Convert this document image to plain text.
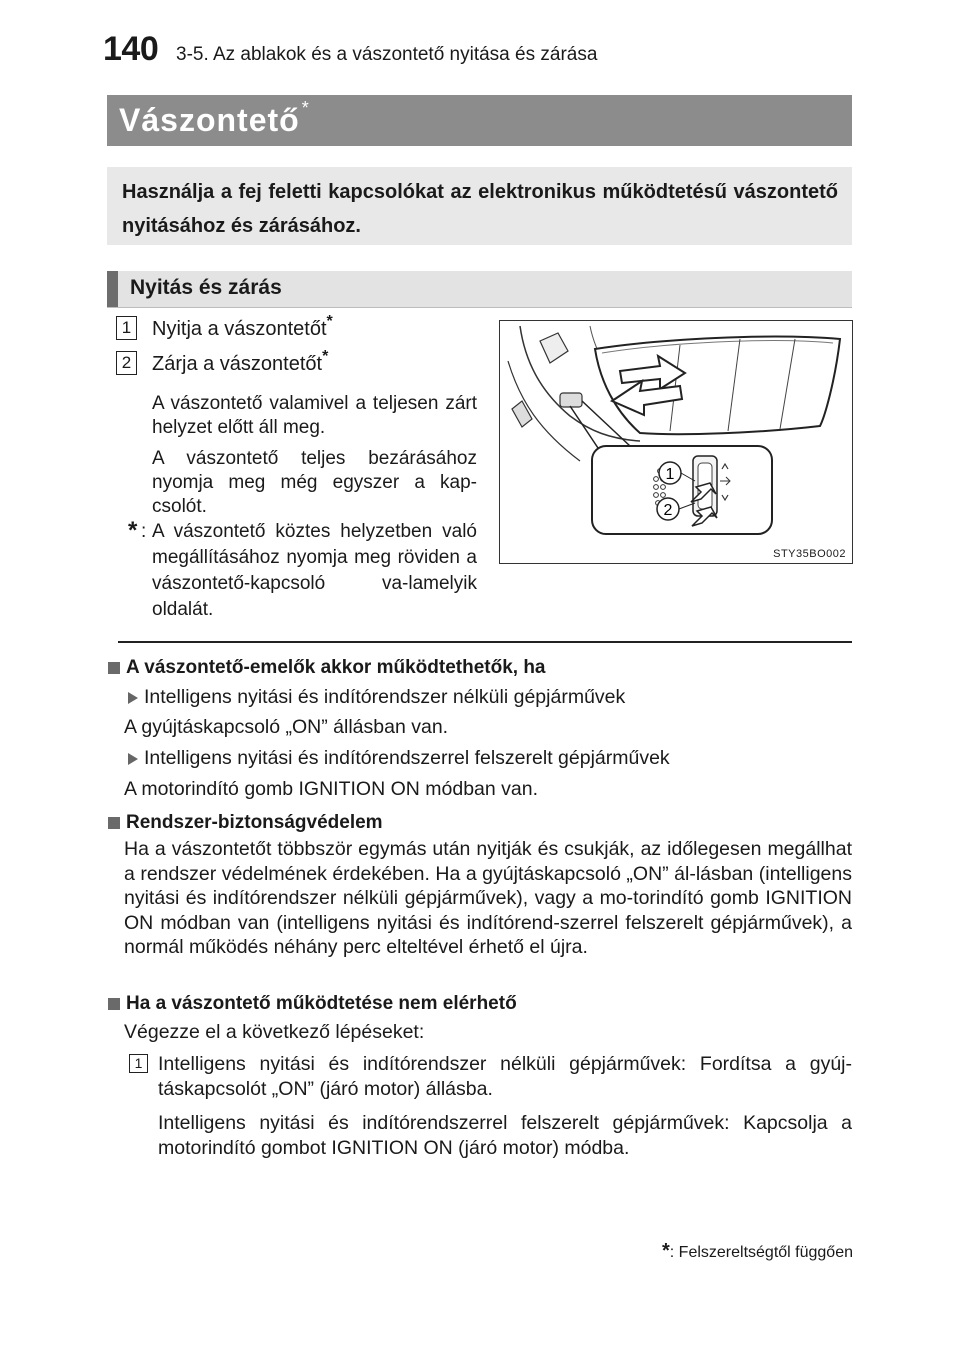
140 3-5. Az ablakok és a vászontető nyitása és zárása
Vászontető *
Használja a fej feletti kapcsolókat az elektronikus működtetésű vászontető nyitásához és zárásához.
Nyitás és zárás
1 Nyitja a vászontetőt*
2 Zárja a vászontetőt*
A vászontető valamivel a teljesen zárt helyzet előtt áll meg.
A vászontető teljes bezárásához nyomja meg még egyszer a kap-csolót.
* : A vászontető köztes helyzetben való megállításához nyomja meg röviden a vászontető-kapcsoló va-lamelyik oldalát.
1
2
STY35BO002
A vászontető-emelők akkor működtethetők, ha
Intelligens nyitási és indítórendszer nélküli gépjárművek
A gyújtáskapcsoló „ON” állásban van.
Intelligens nyitási és indítórendszerrel felszerelt gépjárművek
A motorindító gomb IGNITION ON módban van.
Rendszer-biztonságvédelem
Ha a vászontetőt többször egymás után nyitják és csukják, az időlegesen megállhat a rendszer védelmének érdekében. Ha a gyújtáskapcsoló „ON” ál-lásban (intelligens nyitási és indítórendszer nélküli gépjárművek), vagy a mo-torindító gomb IGNITION ON módban van (intelligens nyitási és indítórend-szerrel felszerelt gépjárművek), a normál működés néhány perc elteltével érhető el újra.
Ha a vászontető működtetése nem elérhető
Végezze el a következő lépéseket:
1 Intelligens nyitási és indítórendszer nélküli gépjárművek: Fordítsa a gyúj-táskapcsolót „ON” (járó motor) állásba.
Intelligens nyitási és indítórendszerrel felszerelt gépjárművek: Kapcsolja a motorindító gombot IGNITION ON (járó motor) módba.
*: Felszereltségtől függően
